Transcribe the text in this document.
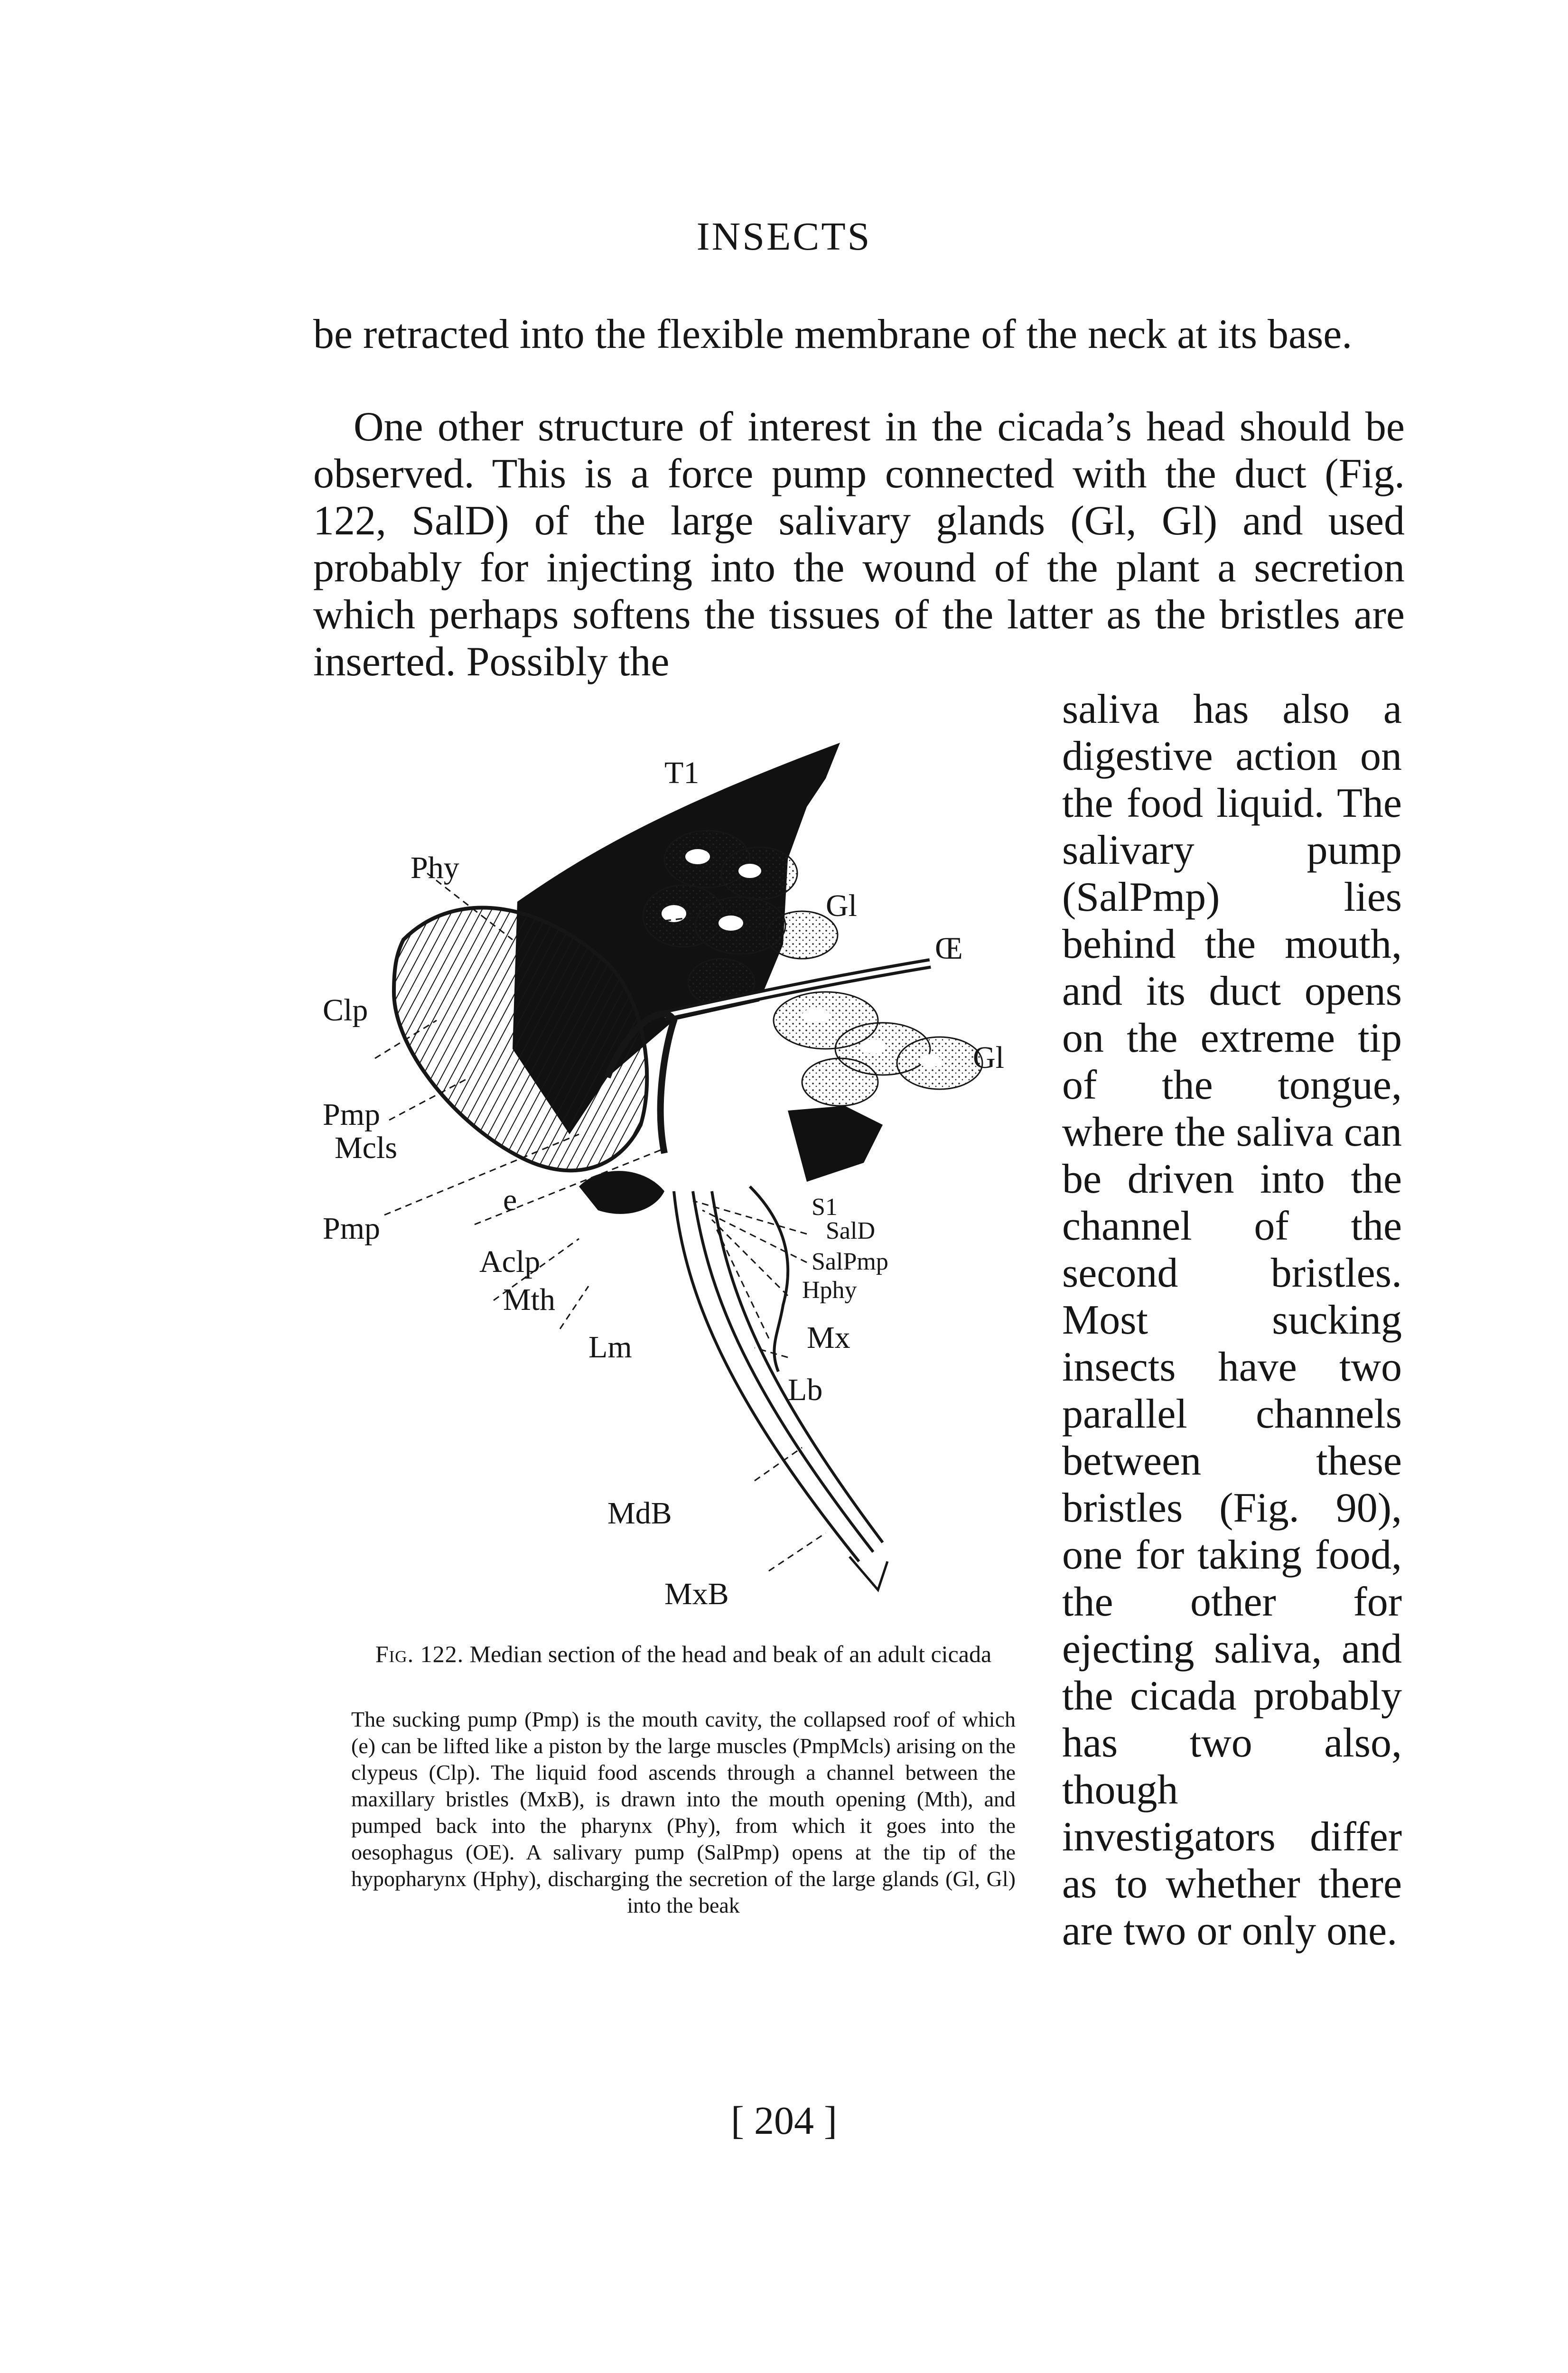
INSECTS

be retracted into the flexible membrane of the neck at its base.

One other structure of interest in the cicada’s head should be observed. This is a force pump connected with the duct (Fig. 122, SalD) of the large salivary glands (Gl, Gl) and used probably for injecting into the wound of the plant a secretion which perhaps softens the tissues of the latter as the bristles are inserted. Possibly the

saliva has also a digestive action on the food liquid. The salivary pump (SalPmp) lies behind the mouth, and its duct opens on the extreme tip of the tongue, where the saliva can be driven into the channel of the second bristles. Most sucking insects have two parallel channels between these bristles (Fig. 90), one for taking food, the other for ejecting saliva, and the cicada probably has two also, though investigators differ as to whether there are two or only one.

T1
Phy
Gl
Œ
Clp
Gl
Pmp
Mcls
S1
e
Pmp	SalD
Aclp	SalPmp
Hphy
Mth
Mx
Lm
Lb
MdB
MxB
Fig. 122. Median section of the head and beak of an adult cicada

The sucking pump (Pmp) is the mouth cavity, the collapsed roof of which (e) can be lifted like a piston by the large muscles (PmpMcls) arising on the clypeus (Clp). The liquid food ascends through a channel between the maxillary bristles (MxB), is drawn into the mouth opening (Mth), and pumped back into the pharynx (Phy), from which it goes into the oesophagus (OE). A salivary pump (SalPmp) opens at the tip of the hypopharynx (Hphy), discharging the secretion of the large glands (Gl, Gl) into the beak

[ 204 ]
